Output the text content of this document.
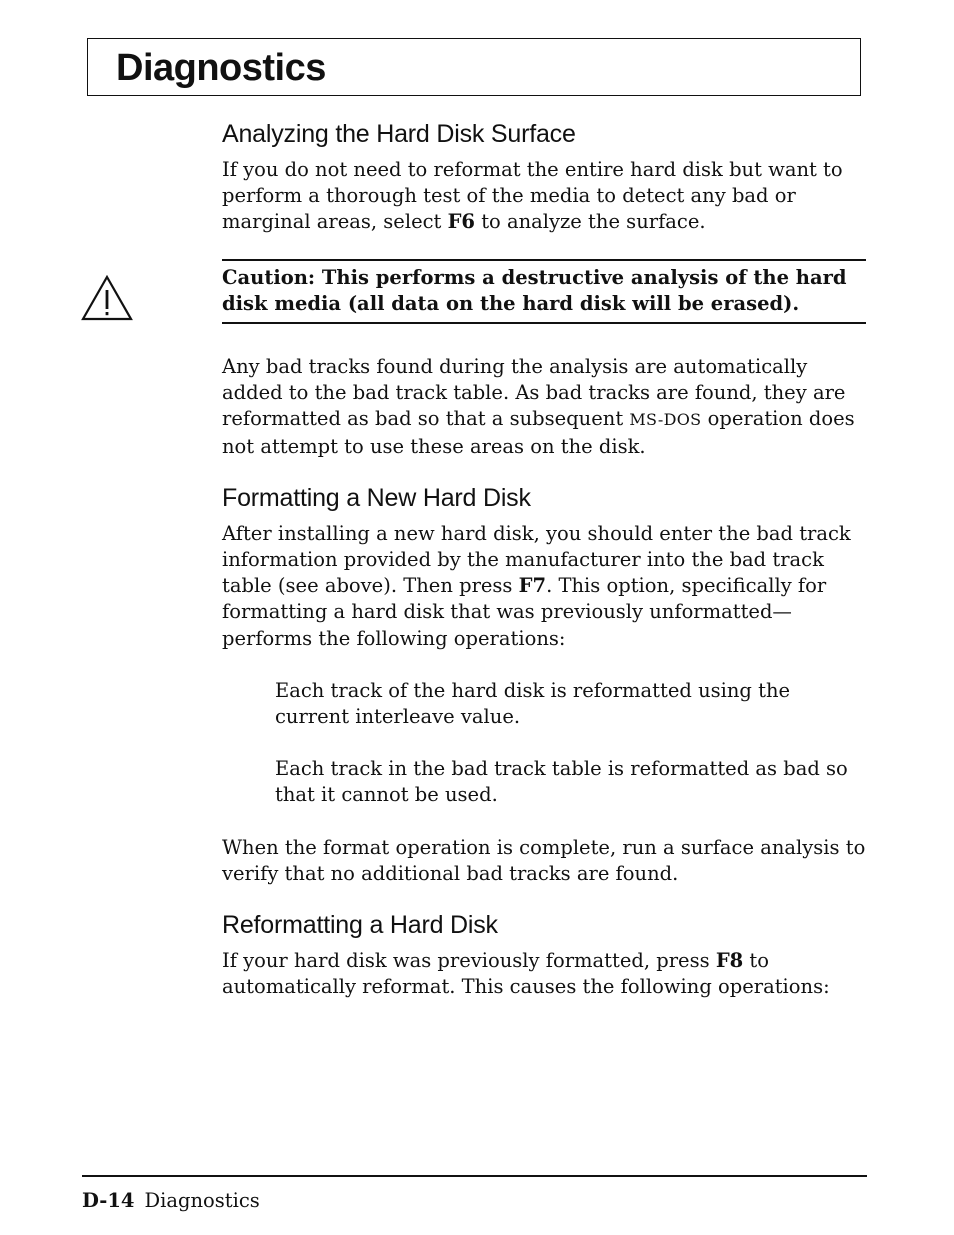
Diagnostics
Analyzing the Hard Disk Surface

If you do not need to reformat the entire hard disk but want to perform a thorough test of the media to detect any bad or marginal areas, select F6 to analyze the surface.

Caution: This performs a destructive analysis of the hard disk media (all data on the hard disk will be erased).

Any bad tracks found during the analysis are automatically added to the bad track table. As bad tracks are found, they are reformatted as bad so that a subsequent MS-DOS operation does not attempt to use these areas on the disk.

Formatting a New Hard Disk

After installing a new hard disk, you should enter the bad track information provided by the manufacturer into the bad track table (see above). Then press F7. This option, specifically for formatting a hard disk that was previously unformatted—performs the following operations:

Each track of the hard disk is reformatted using the current interleave value.

Each track in the bad track table is reformatted as bad so that it cannot be used.

When the format operation is complete, run a surface analysis to verify that no additional bad tracks are found.

Reformatting a Hard Disk

If your hard disk was previously formatted, press F8 to automatically reformat. This causes the following operations:

D-14 Diagnostics
